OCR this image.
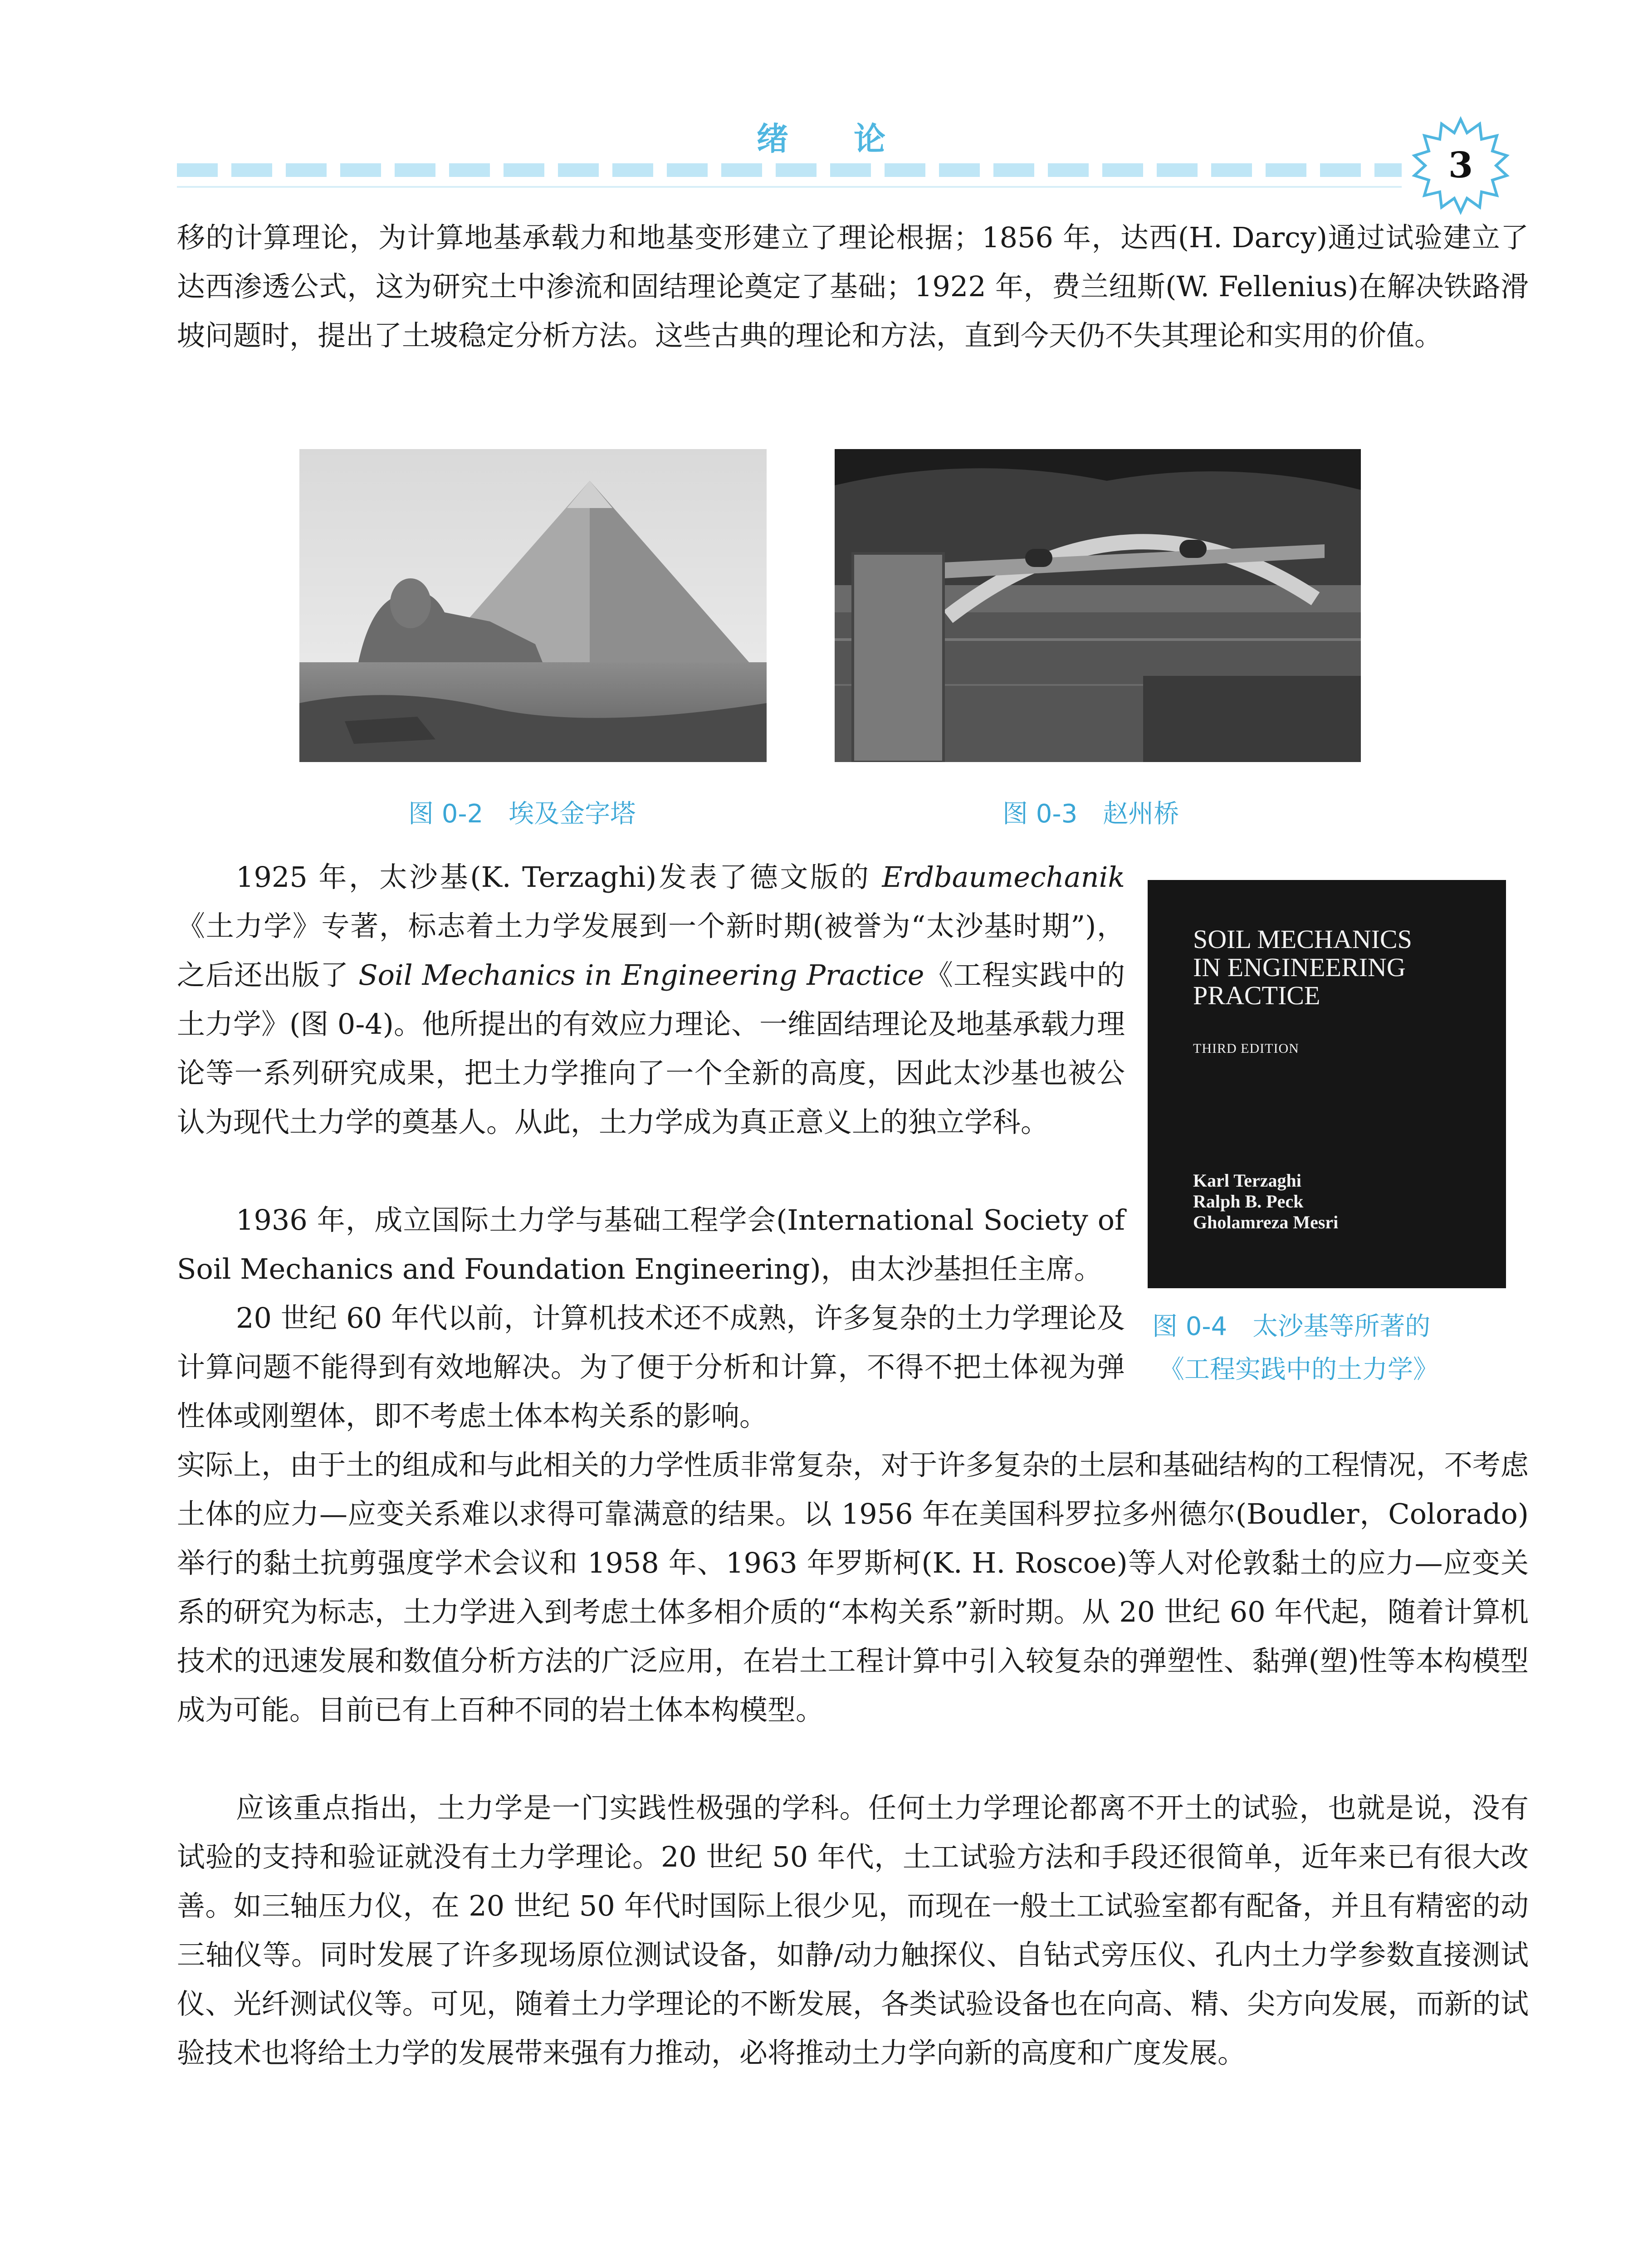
绪 论
3
移的计算理论，为计算地基承载力和地基变形建立了理论根据；1856 年，达西(H. Darcy)通过试验建立了达西渗透公式，这为研究土中渗流和固结理论奠定了基础；1922 年，费兰纽斯(W. Fellenius)在解决铁路滑坡问题时，提出了土坡稳定分析方法。这些古典的理论和方法，直到今天仍不失其理论和实用的价值。
图 0-2　埃及金字塔	图 0-3　赵州桥
1925 年，太沙基(K. Terzaghi)发表了德文版的 Erdbaumechanik《土力学》专著，标志着土力学发展到一个新时期(被誉为“太沙基时期”)，之后还出版了 Soil Mechanics in Engineering Practice《工程实践中的土力学》(图 0-4)。他所提出的有效应力理论、一维固结理论及地基承载力理论等一系列研究成果，把土力学推向了一个全新的高度，因此太沙基也被公认为现代土力学的奠基人。从此，土力学成为真正意义上的独立学科。
1936 年，成立国际土力学与基础工程学会(International Society of Soil Mechanics and Foundation Engineering)，由太沙基担任主席。
20 世纪 60 年代以前，计算机技术还不成熟，许多复杂的土力学理论及计算问题不能得到有效地解决。为了便于分析和计算，不得不把土体视为弹性体或刚塑体，即不考虑土体本构关系的影响。
SOIL MECHANICS
IN ENGINEERING
PRACTICE
THIRD EDITION
Karl Terzaghi
Ralph B. Peck
Gholamreza Mesri
图 0-4　太沙基等所著的
《工程实践中的土力学》
实际上，由于土的组成和与此相关的力学性质非常复杂，对于许多复杂的土层和基础结构的工程情况，不考虑土体的应力—应变关系难以求得可靠满意的结果。以 1956 年在美国科罗拉多州德尔(Boudler，Colorado)举行的黏土抗剪强度学术会议和 1958 年、1963 年罗斯柯(K. H. Roscoe)等人对伦敦黏土的应力—应变关系的研究为标志，土力学进入到考虑土体多相介质的“本构关系”新时期。从 20 世纪 60 年代起，随着计算机技术的迅速发展和数值分析方法的广泛应用，在岩土工程计算中引入较复杂的弹塑性、黏弹(塑)性等本构模型成为可能。目前已有上百种不同的岩土体本构模型。
应该重点指出，土力学是一门实践性极强的学科。任何土力学理论都离不开土的试验，也就是说，没有试验的支持和验证就没有土力学理论。20 世纪 50 年代，土工试验方法和手段还很简单，近年来已有很大改善。如三轴压力仪，在 20 世纪 50 年代时国际上很少见，而现在一般土工试验室都有配备，并且有精密的动三轴仪等。同时发展了许多现场原位测试设备，如静/动力触探仪、自钻式旁压仪、孔内土力学参数直接测试仪、光纤测试仪等。可见，随着土力学理论的不断发展，各类试验设备也在向高、精、尖方向发展，而新的试验技术也将给土力学的发展带来强有力推动，必将推动土力学向新的高度和广度发展。
